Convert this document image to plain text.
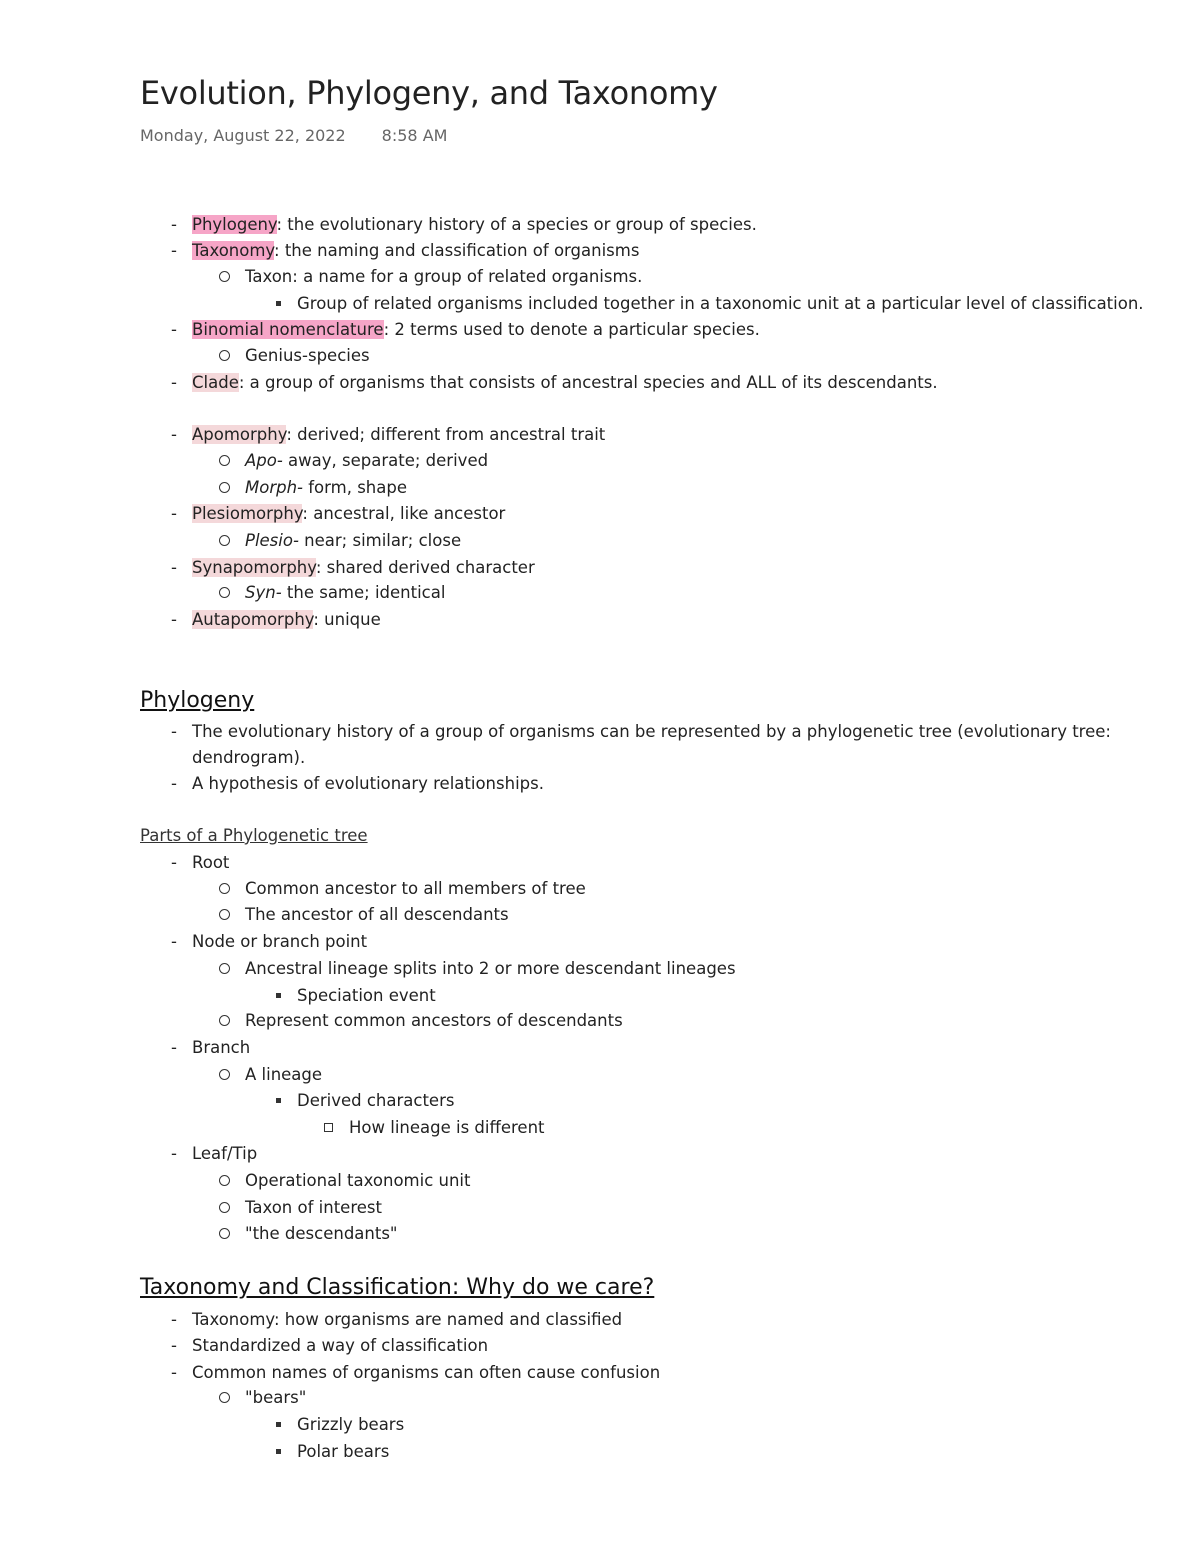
Evolution, Phylogeny, and Taxonomy
Monday, August 22, 2022 8:58 AM
- Phylogeny: the evolutionary history of a species or group of species.
- Taxonomy: the naming and classification of organisms
Taxon: a name for a group of related organisms.
Group of related organisms included together in a taxonomic unit at a particular level of classification.
- Binomial nomenclature: 2 terms used to denote a particular species.
Genius-species
- Clade: a group of organisms that consists of ancestral species and ALL of its descendants.
- Apomorphy: derived; different from ancestral trait
Apo- away, separate; derived
Morph- form, shape
- Plesiomorphy: ancestral, like ancestor
Plesio- near; similar; close
- Synapomorphy: shared derived character
Syn- the same; identical
- Autapomorphy: unique
Phylogeny
- The evolutionary history of a group of organisms can be represented by a phylogenetic tree (evolutionary tree:
dendrogram).
- A hypothesis of evolutionary relationships.
Parts of a Phylogenetic tree
- Root
Common ancestor to all members of tree
The ancestor of all descendants
- Node or branch point
Ancestral lineage splits into 2 or more descendant lineages
Speciation event
Represent common ancestors of descendants
- Branch
A lineage
Derived characters
How lineage is different
- Leaf/Tip
Operational taxonomic unit
Taxon of interest
"the descendants"
Taxonomy and Classification: Why do we care?
- Taxonomy: how organisms are named and classified
- Standardized a way of classification
- Common names of organisms can often cause confusion
"bears"
Grizzly bears
Polar bears
